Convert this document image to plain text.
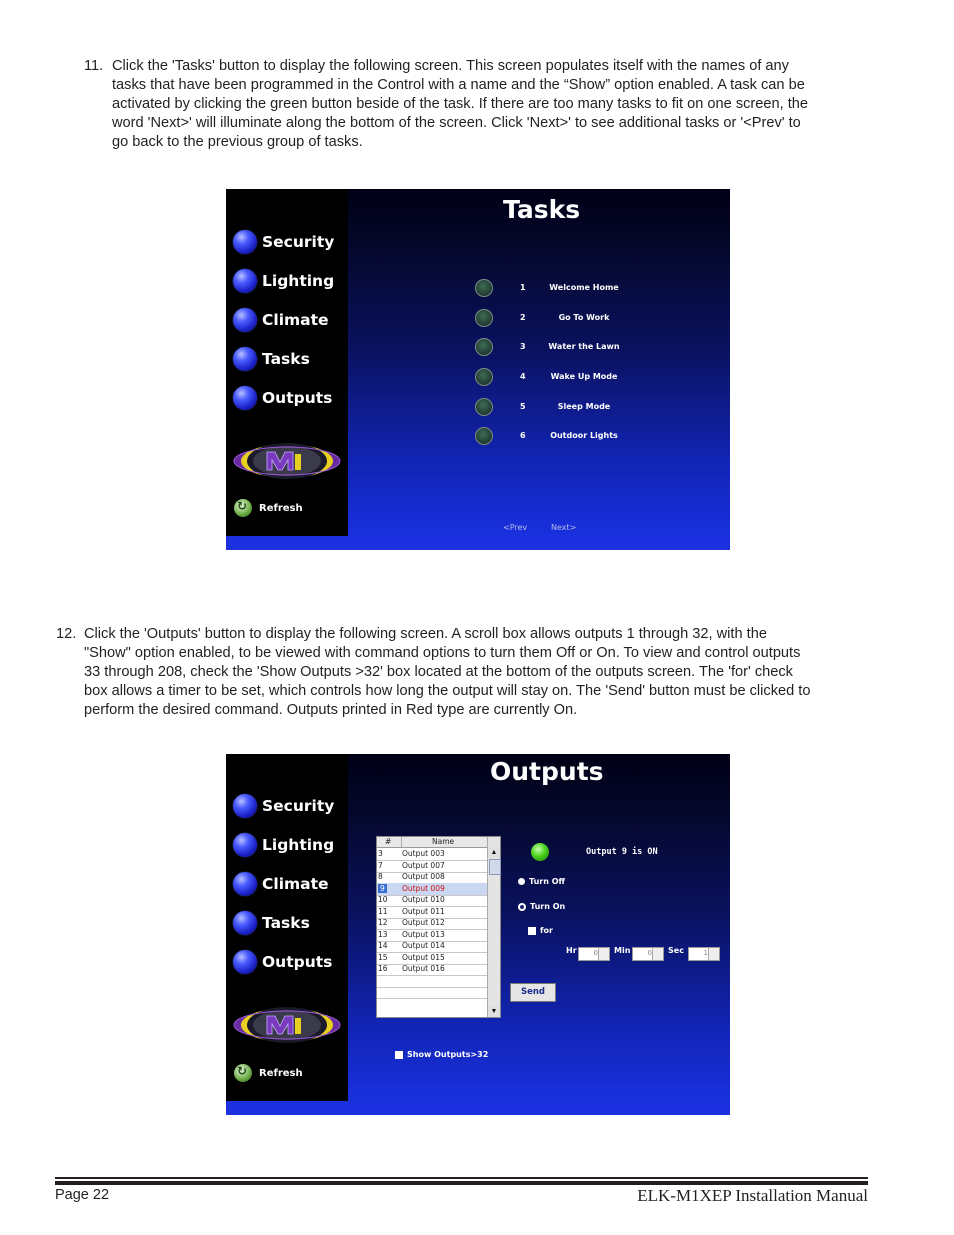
11. Click the 'Tasks' button to display the following screen. This screen populates itself with the names of any
tasks that have been programmed in the Control with a name and the “Show” option enabled. A task can be
activated by clicking the green button beside of the task. If there are too many tasks to fit on one screen, the
word 'Next>' will illuminate along the bottom of the screen. Click 'Next>' to see additional tasks or '<Prev' to
go back to the previous group of tasks.
Security
Lighting
Climate
Tasks
Outputs
↻
Refresh
Tasks
1	Welcome Home
2	Go To Work
3	Water the Lawn
4	Wake Up Mode
5	Sleep Mode
6	Outdoor Lights
<Prev	Next>
12. Click the 'Outputs' button to display the following screen. A scroll box allows outputs 1 through 32, with the
"Show" option enabled, to be viewed with command options to turn them Off or On. To view and control outputs
33 through 208, check the 'Show Outputs >32' box located at the bottom of the outputs screen. The 'for' check
box allows a timer to be set, which controls how long the output will stay on. The 'Send' button must be clicked to
perform the desired command. Outputs printed in Red type are currently On.
Security
Lighting
Climate
Tasks
Outputs
↻
Refresh
Outputs
#	Name
3	Output 003
7	Output 007
8	Output 008
9 Output 009
10 Output 010
11 Output 011
12 Output 012
13 Output 013
14 Output 014
15 Output 015
16 Output 016
▲
▼
Output 9 is ON
Turn Off
Turn On
for
Hr 0 Min 0 Sec	1
Send
Show Outputs>32
Page 22	ELK-M1XEP Installation Manual
